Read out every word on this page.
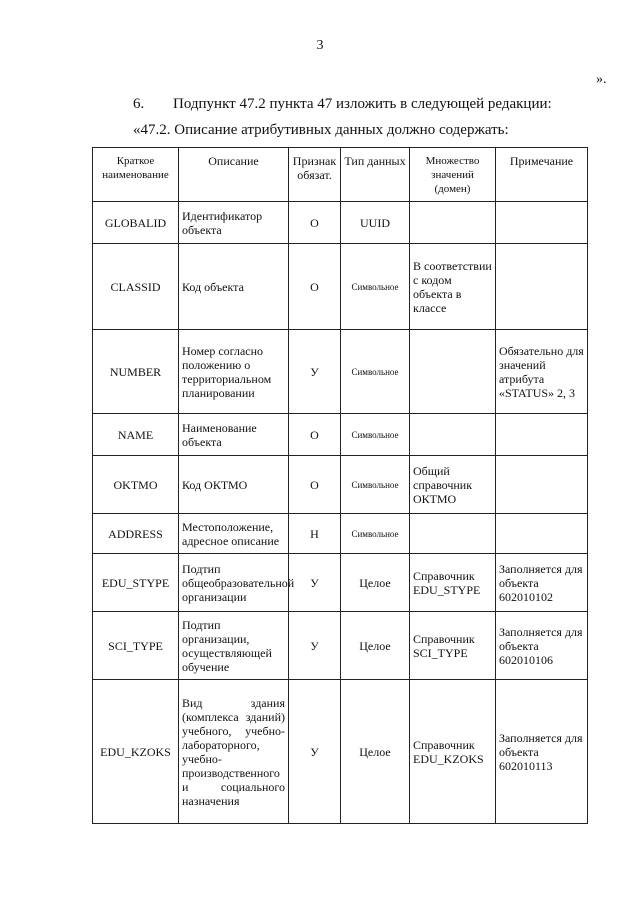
3
».
6. Подпункт 47.2 пункта 47 изложить в следующей редакции:
«47.2. Описание атрибутивных данных должно содержать:
Краткое наименование	Описание	Признак обязат.	Тип данных	Множество значений (домен)	Примечание
GLOBALID	Идентификатор объекта	О	UUID		
CLASSID	Код объекта	О	Символьное	В соответствии с кодом объекта в классе	
NUMBER	Номер согласно положению о территориальном планировании	У	Символьное		Обязательно для значений атрибута «STATUS» 2, 3
NAME	Наименование объекта	О	Символьное		
OKTMO	Код ОКТМО	О	Символьное	Общий справочник ОКТМО	
ADDRESS	Местоположение, адресное описание	Н	Символьное		
EDU_STYPE	Подтип общеобразовательной организации	У	Целое	Справочник EDU_STYPE	Заполняется для объекта 602010102
SCI_TYPE	Подтип организации, осуществляющей обучение	У	Целое	Справочник SCI_TYPE	Заполняется для объекта 602010106
EDU_KZOKS	Вид здания (комплекса зданий) учебного, учебно-лабораторного, учебно-производственного и социального назначения	У	Целое	Справочник EDU_KZOKS	Заполняется для объекта 602010113
